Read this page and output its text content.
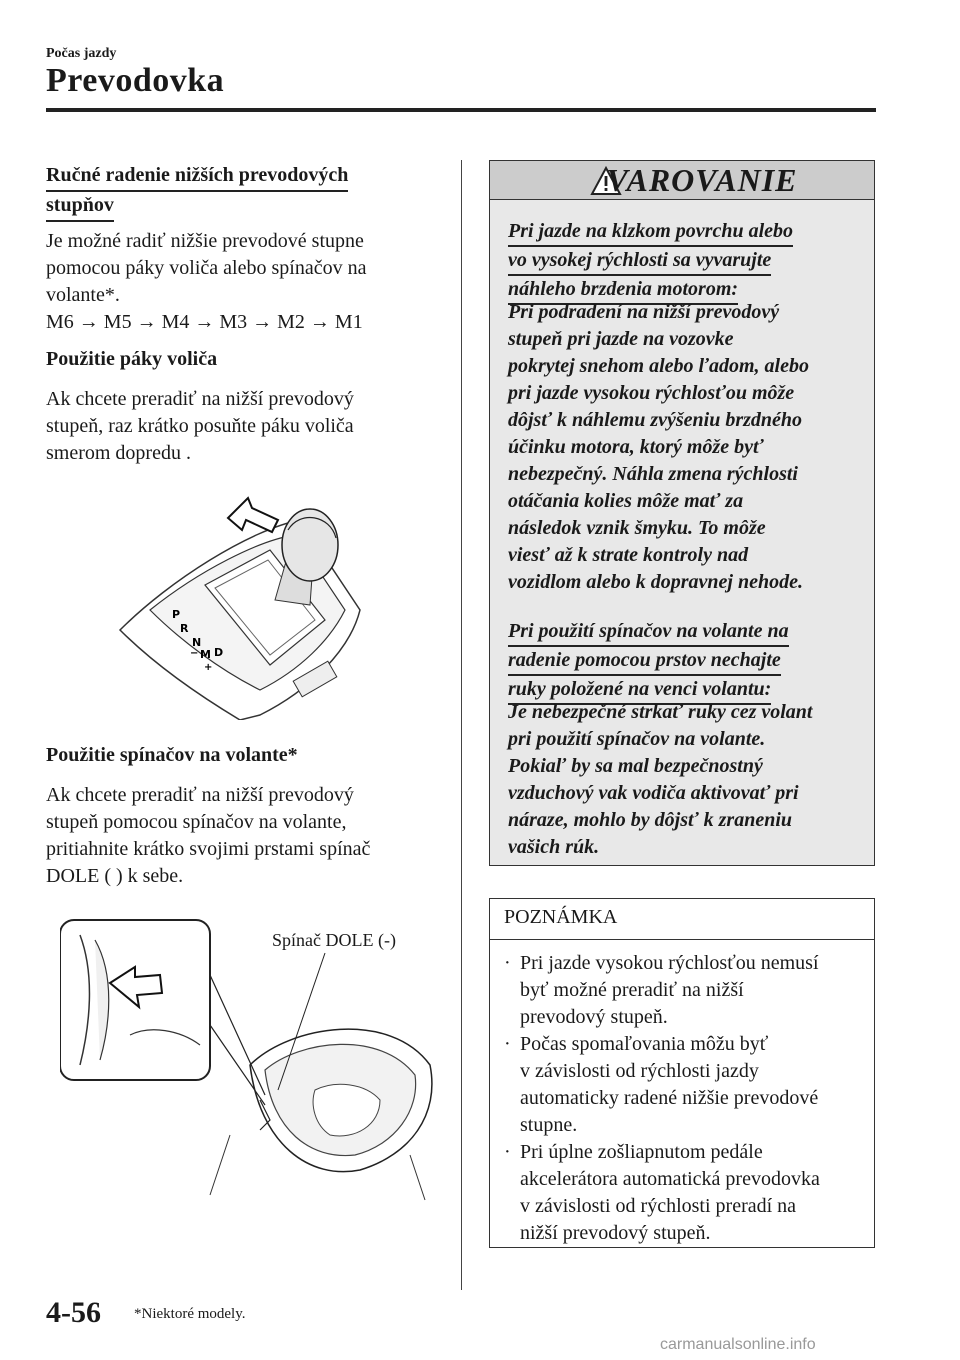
Počas jazdy
Prevodovka
Ručné radenie nižších prevodových
stupňov

Je možné radiť nižšie prevodové stupne

pomocou páky voliča alebo spínačov na

volante*.

M6 → M5 → M4 → M3 → M2 → M1

Použitie páky voliča

Ak chcete preradiť na nižší prevodový

stupeň, raz krátko posuňte páku voliča

smerom dopredu .

P
R
N
− M D
+
Použitie spínačov na volante*

Ak chcete preradiť na nižší prevodový

stupeň pomocou spínačov na volante,

pritiahnite krátko svojimi prstami spínač

DOLE ( ) k sebe.

Spínač DOLE (-)
VAROVANIE
Pri jazde na klzkom povrchu alebo
vo vysokej rýchlosti sa vyvarujte
náhleho brzdenia motorom:

Pri podradení na nižší prevodový

stupeň pri jazde na vozovke

pokrytej snehom alebo ľadom, alebo

pri jazde vysokou rýchlosťou môže

dôjsť k náhlemu zvýšeniu brzdného

účinku motora, ktorý môže byť

nebezpečný. Náhla zmena rýchlosti

otáčania kolies môže mať za

následok vznik šmyku. To môže

viesť až k strate kontroly nad

vozidlom alebo k dopravnej nehode.

Pri použití spínačov na volante na
radenie pomocou prstov nechajte
ruky položené na venci volantu:

Je nebezpečné strkať ruky cez volant

pri použití spínačov na volante.

Pokiaľ by sa mal bezpečnostný

vzduchový vak vodiča aktivovať pri

náraze, mohlo by dôjsť k zraneniu

vašich rúk.

POZNÁMKA
· Pri jazde vysokou rýchlosťou nemusí

byť možné preradiť na nižší

prevodový stupeň.

· Počas spomaľovania môžu byť

v závislosti od rýchlosti jazdy

automaticky radené nižšie prevodové

stupne.

· Pri úplne zošliapnutom pedále

akcelerátora automatická prevodovka

v závislosti od rýchlosti preradí na

nižší prevodový stupeň.

4-56 *Niektoré modely.
carmanualsonline.info
